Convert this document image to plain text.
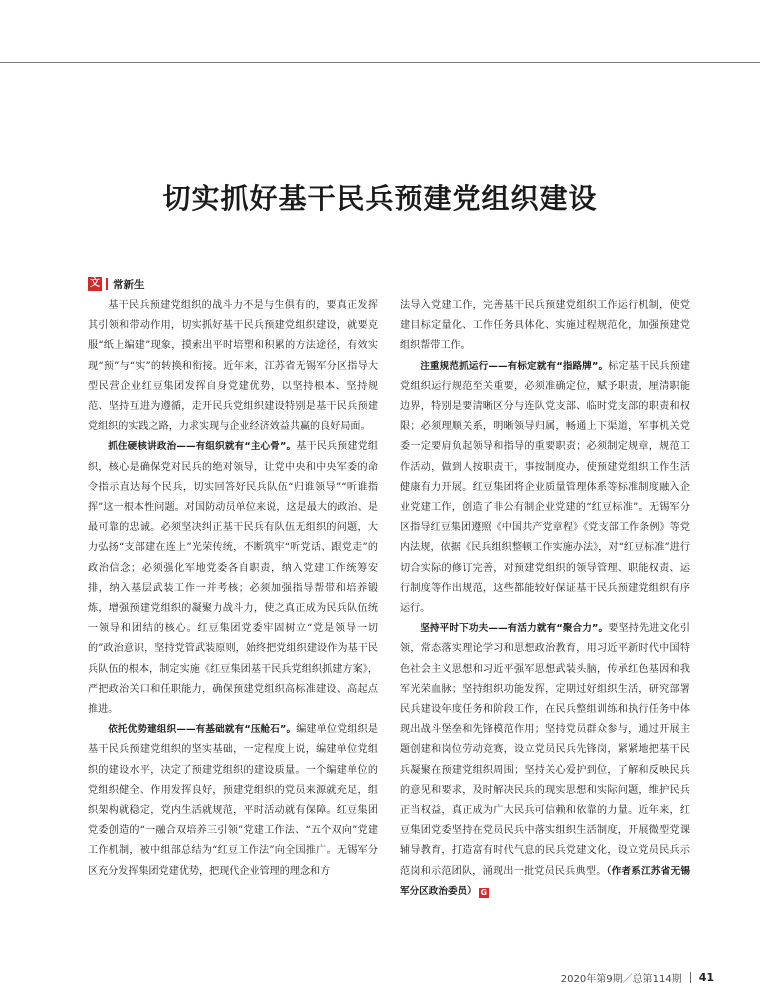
切实抓好基干民兵预建党组织建设
文 常新生

基干民兵预建党组织的战斗力不是与生俱有的，要真正发挥其引领和带动作用，切实抓好基干民兵预建党组织建设，就要克服“纸上编建”现象，摸索出平时培塑和积累的方法途径，有效实现“预”与“实”的转换和衔接。近年来，江苏省无锡军分区指导大型民营企业红豆集团发挥自身党建优势，以坚持根本、坚持规范、坚持互进为遵循，走开民兵党组织建设特别是基干民兵预建党组织的实践之路，力求实现与企业经济效益共赢的良好局面。

抓住硬核讲政治——有组织就有“主心骨”。基干民兵预建党组织，核心是确保党对民兵的绝对领导，让党中央和中央军委的命令指示直达每个民兵，切实回答好民兵队伍“归谁领导”“听谁指挥”这一根本性问题。对国防动员单位来说，这是最大的政治、是最可靠的忠诚。必须坚决纠正基干民兵有队伍无组织的问题，大力弘扬“支部建在连上”光荣传统，不断筑牢“听党话、跟党走”的政治信念；必须强化军地党委各自职责，纳入党建工作统筹安排，纳入基层武装工作一并考核；必须加强指导帮带和培养锻炼，增强预建党组织的凝聚力战斗力，使之真正成为民兵队伍统一领导和团结的核心。红豆集团党委牢固树立“党是领导一切的”政治意识，坚持党管武装原则，始终把党组织建设作为基干民兵队伍的根本，制定实施《红豆集团基干民兵党组织抓建方案》，严把政治关口和任职能力，确保预建党组织高标准建设、高起点推进。

依托优势建组织——有基础就有“压舱石”。编建单位党组织是基干民兵预建党组织的坚实基础，一定程度上说，编建单位党组织的建设水平，决定了预建党组织的建设质量。一个编建单位的党组织健全、作用发挥良好，预建党组织的党员来源就充足，组织架构就稳定，党内生活就规范，平时活动就有保障。红豆集团党委创造的“一融合双培养三引领”党建工作法、“五个双向”党建工作机制，被中组部总结为“红豆工作法”向全国推广。无锡军分区充分发挥集团党建优势，把现代企业管理的理念和方

法导入党建工作，完善基干民兵预建党组织工作运行机制，使党建目标定量化、工作任务具体化、实施过程规范化，加强预建党组织帮带工作。

注重规范抓运行——有标定就有“指路牌”。标定基干民兵预建党组织运行规范至关重要，必须准确定位，赋予职责，厘清职能边界，特别是要清晰区分与连队党支部、临时党支部的职责和权限；必须理顺关系，明晰领导归属，畅通上下渠道，军事机关党委一定要肩负起领导和指导的重要职责；必须制定规章，规范工作活动，做到人按职责干，事按制度办，使预建党组织工作生活健康有力开展。红豆集团将企业质量管理体系等标准制度融入企业党建工作，创造了非公有制企业党建的“红豆标准”。无锡军分区指导红豆集团遵照《中国共产党章程》《党支部工作条例》等党内法规，依据《民兵组织整顿工作实施办法》，对“红豆标准”进行切合实际的修订完善，对预建党组织的领导管理、职能权责、运行制度等作出规范，这些都能较好保证基干民兵预建党组织有序运行。

坚持平时下功夫——有活力就有“聚合力”。要坚持先进文化引领，常态落实理论学习和思想政治教育，用习近平新时代中国特色社会主义思想和习近平强军思想武装头脑，传承红色基因和我军光荣血脉；坚持组织功能发挥，定期过好组织生活，研究部署民兵建设年度任务和阶段工作，在民兵整组训练和执行任务中体现出战斗堡垒和先锋模范作用；坚持党员群众参与，通过开展主题创建和岗位劳动竞赛，设立党员民兵先锋岗，紧紧地把基干民兵凝聚在预建党组织周围；坚持关心爱护到位，了解和反映民兵的意见和要求，及时解决民兵的现实思想和实际问题，维护民兵正当权益，真正成为广大民兵可信赖和依靠的力量。近年来，红豆集团党委坚持在党员民兵中落实组织生活制度，开展微型党课辅导教育，打造富有时代气息的民兵党建文化，设立党员民兵示范岗和示范团队，涌现出一批党员民兵典型。（作者系江苏省无锡军分区政治委员） G

2020年第9期／总第114期 41
